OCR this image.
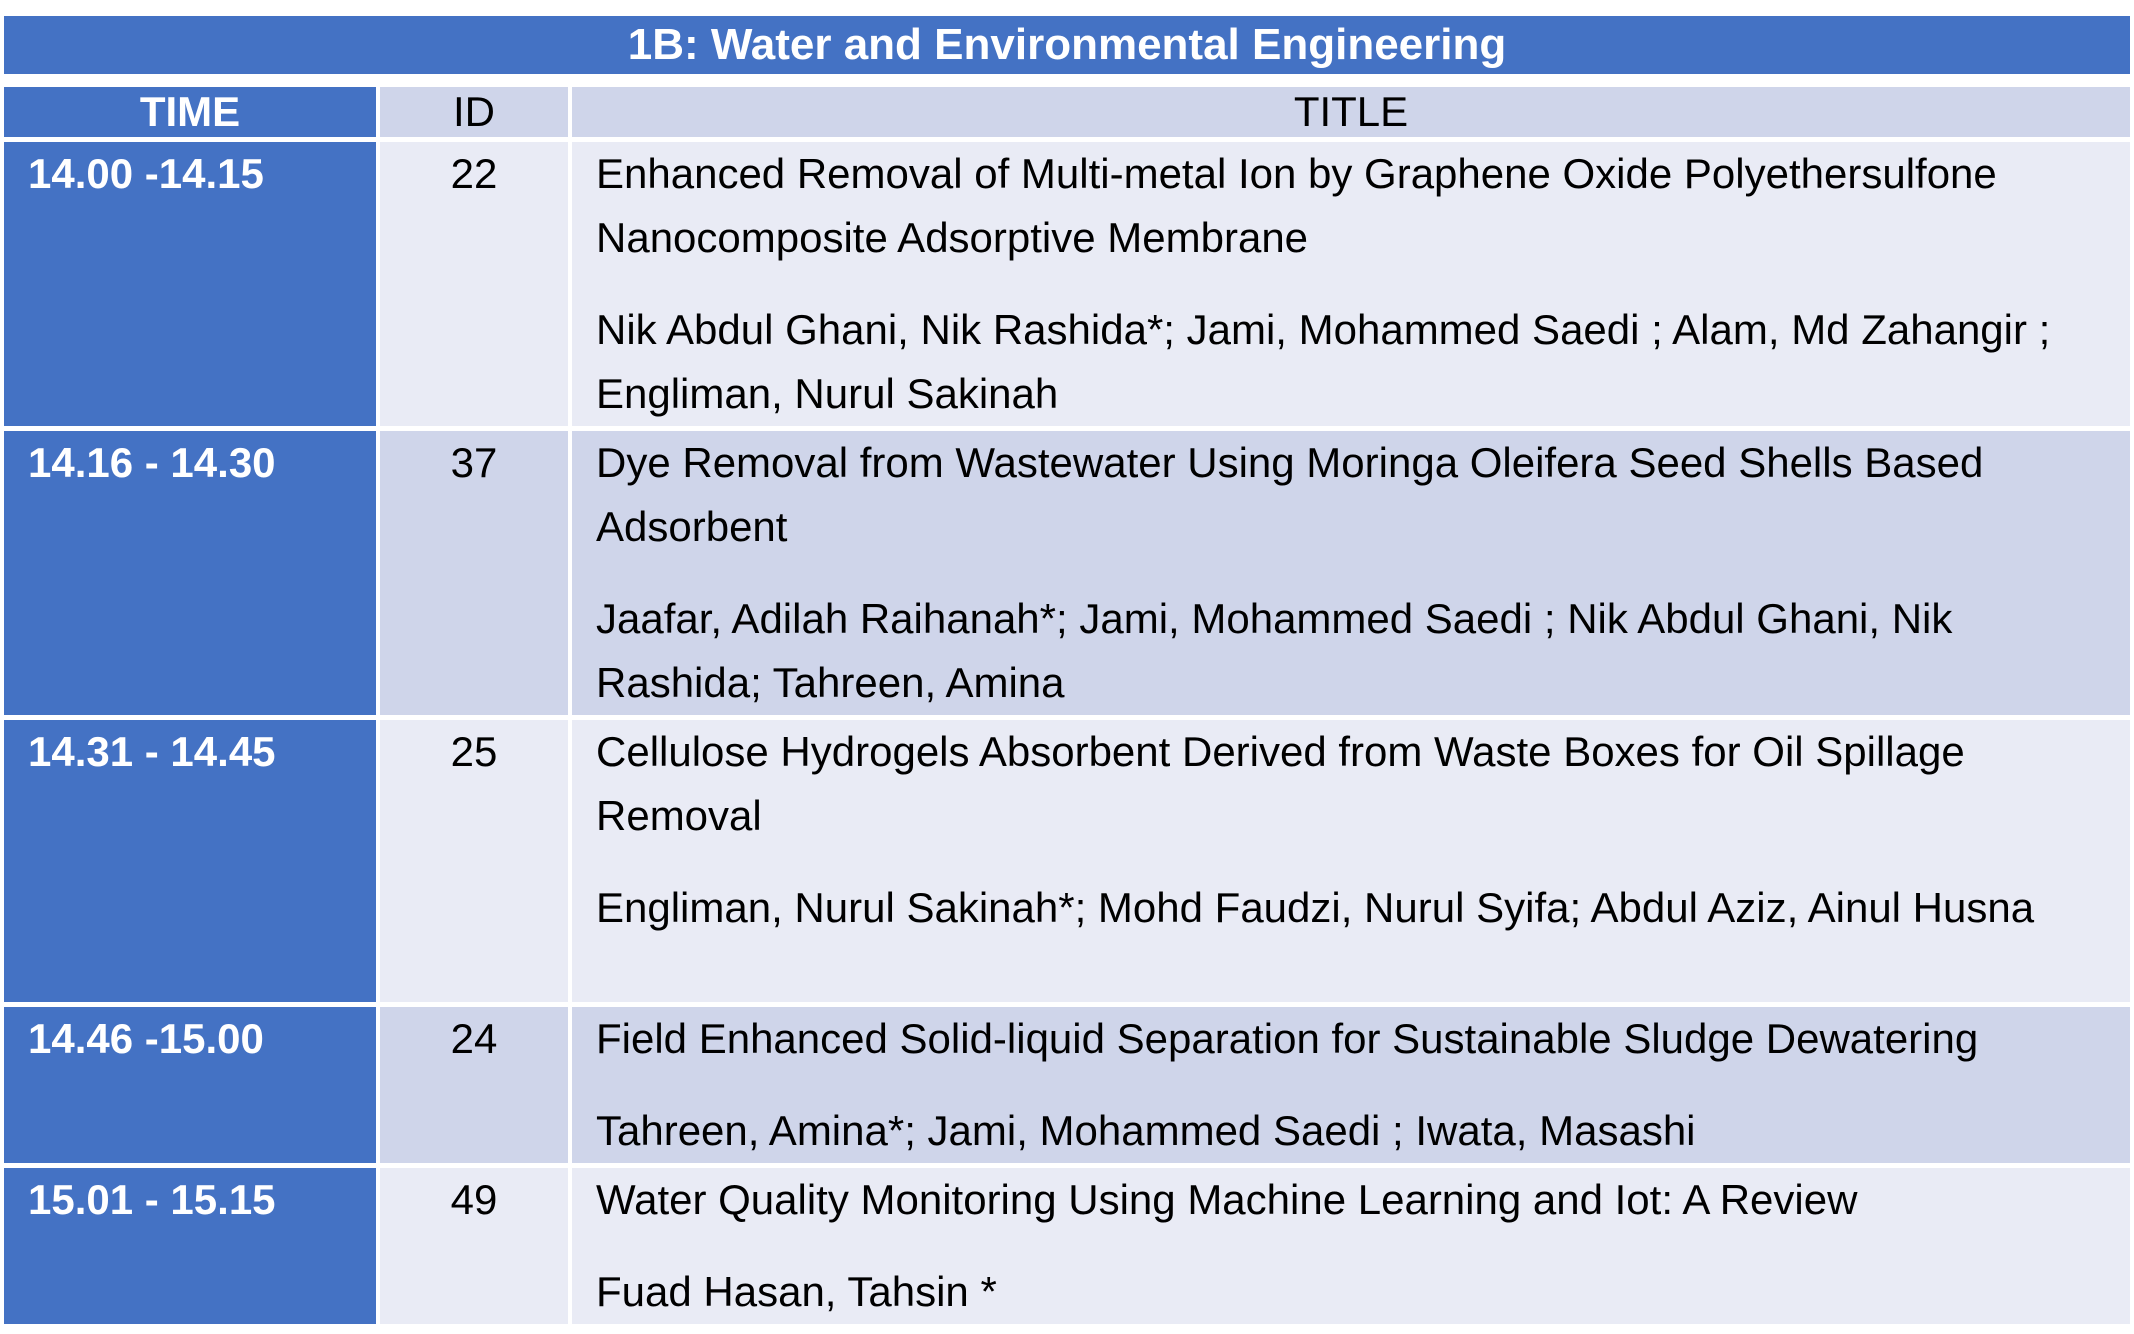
1B: Water and Environmental Engineering
TIME	ID	TITLE
14.00 -14.15	22	Enhanced Removal of Multi-metal Ion by Graphene Oxide Polyethersulfone Nanocomposite Adsorptive Membrane

Nik Abdul Ghani, Nik Rashida*; Jami, Mohammed Saedi ; Alam, Md Zahangir ; Engliman, Nurul Sakinah

14.16 - 14.30	37	Dye Removal from Wastewater Using Moringa Oleifera Seed Shells Based Adsorbent

Jaafar, Adilah Raihanah*; Jami, Mohammed Saedi ; Nik Abdul Ghani, Nik Rashida; Tahreen, Amina

14.31 - 14.45	25	Cellulose Hydrogels Absorbent Derived from Waste Boxes for Oil Spillage Removal

Engliman, Nurul Sakinah*; Mohd Faudzi, Nurul Syifa; Abdul Aziz, Ainul Husna

14.46 -15.00	24	Field Enhanced Solid-liquid Separation for Sustainable Sludge Dewatering

Tahreen, Amina*; Jami, Mohammed Saedi ; Iwata, Masashi

15.01 - 15.15	49	Water Quality Monitoring Using Machine Learning and Iot: A Review

Fuad Hasan, Tahsin *
